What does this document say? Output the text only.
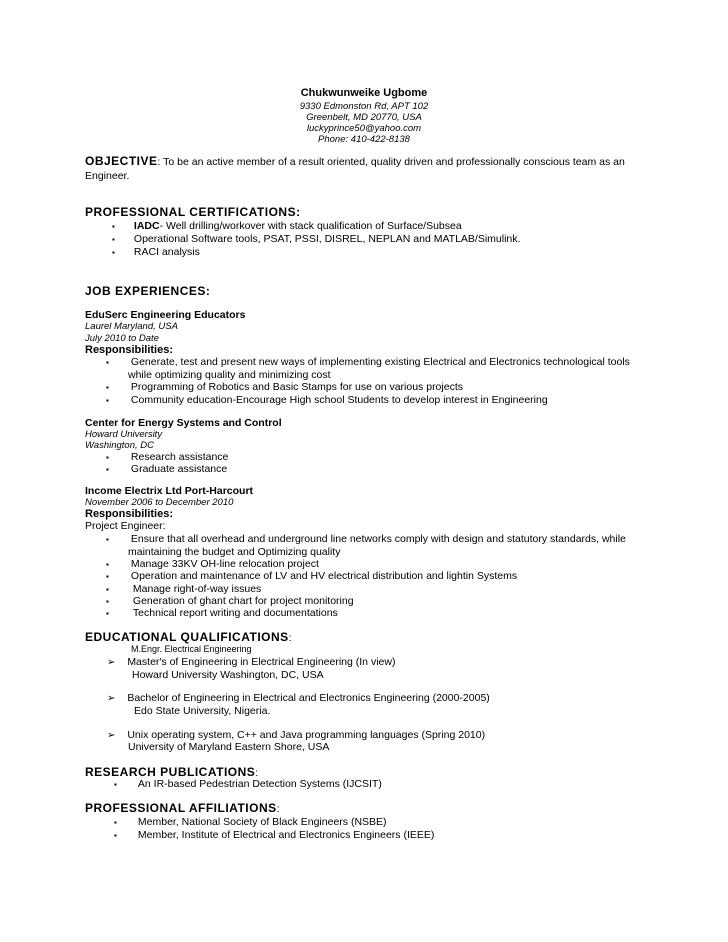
Chukwunweike Ugbome
9330 Edmonston Rd, APT 102
Greenbelt, MD 20770, USA
luckyprince50@yahoo.com
Phone: 410-422-8138
OBJECTIVE: To be an active member of a result oriented, quality driven and professionally conscious team as an
Engineer.
PROFESSIONAL CERTIFICATIONS:
▪ IADC- Well drilling/workover with stack qualification of Surface/Subsea
▪ Operational Software tools, PSAT, PSSI, DISREL, NEPLAN and MATLAB/Simulink.
▪ RACI analysis
JOB EXPERIENCES:
EduSerc Engineering Educators
Laurel Maryland, USA
July 2010 to Date
Responsibilities:
▪ Generate, test and present new ways of implementing existing Electrical and Electronics technological tools
while optimizing quality and minimizing cost
▪ Programming of Robotics and Basic Stamps for use on various projects
▪ Community education-Encourage High school Students to develop interest in Engineering
Center for Energy Systems and Control
Howard University
Washington, DC
▪ Research assistance
▪ Graduate assistance
Income Electrix Ltd Port-Harcourt
November 2006 to December 2010
Responsibilities:
Project Engineer:
▪ Ensure that all overhead and underground line networks comply with design and statutory standards, while
maintaining the budget and Optimizing quality
▪ Manage 33KV OH-line relocation project
▪ Operation and maintenance of LV and HV electrical distribution and lightin Systems
▪ Manage right-of-way issues
▪ Generation of ghant chart for project monitoring
▪ Technical report writing and documentations
EDUCATIONAL QUALIFICATIONS:
M.Engr. Electrical Engineering
➢ Master's of Engineering in Electrical Engineering (In view)
Howard University Washington, DC, USA
➢ Bachelor of Engineering in Electrical and Electronics Engineering (2000-2005)
Edo State University, Nigeria.
➢ Unix operating system, C++ and Java programming languages (Spring 2010)
University of Maryland Eastern Shore, USA
RESEARCH PUBLICATIONS:
▪ An IR-based Pedestrian Detection Systems (IJCSIT)
PROFESSIONAL AFFILIATIONS:
▪ Member, National Society of Black Engineers (NSBE)
▪ Member, Institute of Electrical and Electronics Engineers (IEEE)
